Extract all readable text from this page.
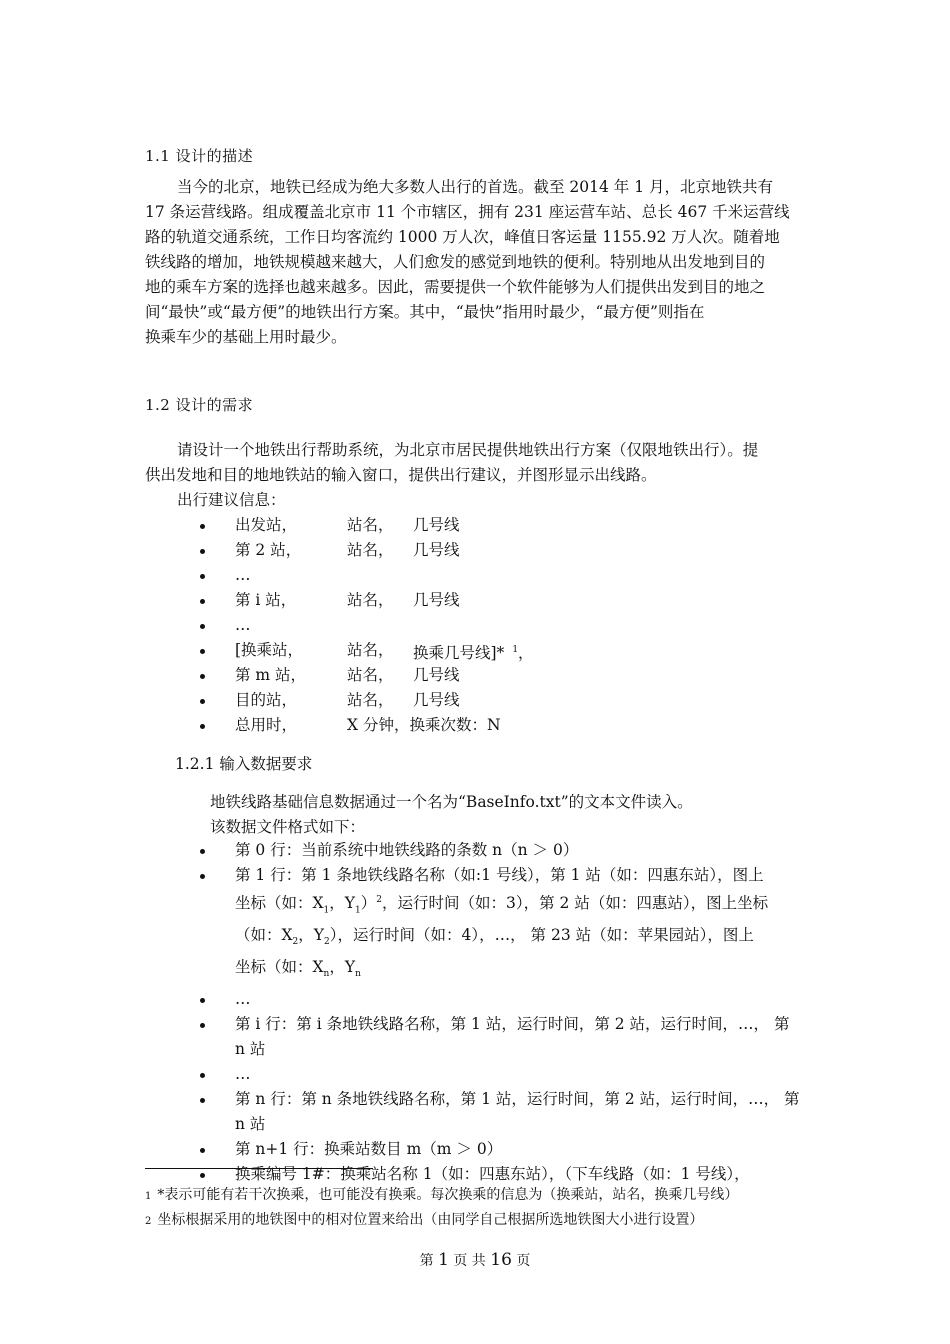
1.1 设计的描述
当今的北京，地铁已经成为绝大多数人出行的首选。截至 2014 年 1 月，北京地铁共有
17 条运营线路。组成覆盖北京市 11 个市辖区，拥有 231 座运营车站、总长 467 千米运营线
路的轨道交通系统，工作日均客流约 1000 万人次，峰值日客运量 1155.92 万人次。随着地
铁线路的增加，地铁规模越来越大，人们愈发的感觉到地铁的便利。特别地从出发地到目的
地的乘车方案的选择也越来越多。因此，需要提供一个软件能够为人们提供出发到目的地之
间“最快”或“最方便”的地铁出行方案。其中，“最快”指用时最少，“最方便”则指在
换乘车少的基础上用时最少。
1.2 设计的需求
请设计一个地铁出行帮助系统，为北京市居民提供地铁出行方案（仅限地铁出行）。提
供出发地和目的地地铁站的输入窗口，提供出行建议，并图形显示出线路。
出行建议信息：
出发站，	站名， 几号线
第 2 站，	站名， 几号线
…
第 i 站，	站名， 几号线
…
[换乘站，	站名， 换乘几号线]* $^1$，
第 m 站，	站名， 几号线
目的站，	站名， 几号线
总用时，	X 分钟，换乘次数：N
1.2.1 输入数据要求
地铁线路基础信息数据通过一个名为“BaseInfo.txt”的文本文件读入。
该数据文件格式如下：
第 0 行：当前系统中地铁线路的条数 n（n ＞ 0）
第 1 行：第 1 条地铁线路名称（如:1 号线），第 1 站（如：四惠东站），图上
坐标（如：$X_1$，$Y_1)^2$，运行时间（如：3），第 2 站（如：四惠站），图上坐标
（如：$X_2$，$Y_2$），运行时间（如：4），…， 第 23 站（如：苹果园站），图上
坐标（如：$X_n$，$Y_n$
…
第 i 行：第 i 条地铁线路名称，第 1 站，运行时间，第 2 站，运行时间，…， 第
n 站
…
第 n 行：第 n 条地铁线路名称，第 1 站，运行时间，第 2 站，运行时间，…， 第
n 站
第 n+1 行：换乘站数目 m（m ＞ 0）
换乘编号 1#：换乘站名称 1（如：四惠东站），（下车线路（如：1 号线），
1 *表示可能有若干次换乘，也可能没有换乘。每次换乘的信息为（换乘站，站名，换乘几号线）
2 坐标根据采用的地铁图中的相对位置来给出（由同学自己根据所选地铁图大小进行设置）
第 1 页 共 16 页
